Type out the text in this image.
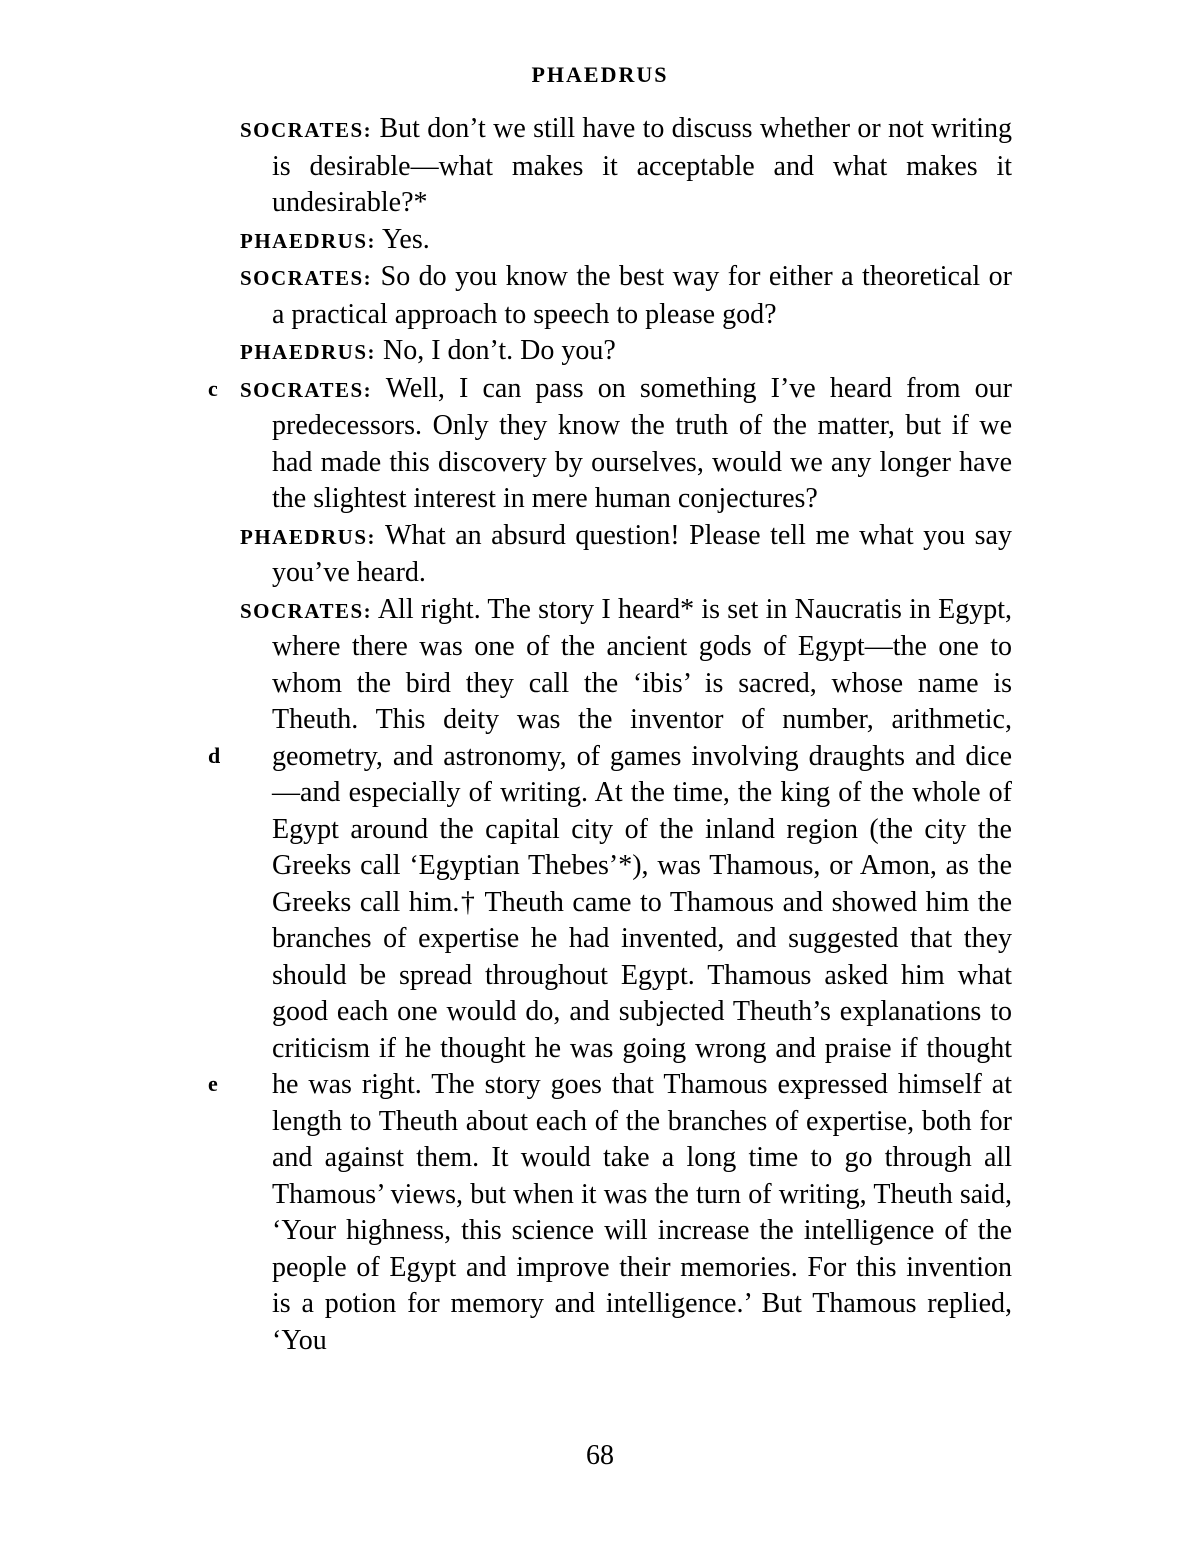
PHAEDRUS

SOCRATES: But don’t we still have to discuss whether or not writing is desirable—what makes it acceptable and what makes it undesirable?*

PHAEDRUS: Yes.

SOCRATES: So do you know the best way for either a theoretical or a practical approach to speech to please god?

PHAEDRUS: No, I don’t. Do you?

c SOCRATES: Well, I can pass on something I’ve heard from our predecessors. Only they know the truth of the matter, but if we had made this discovery by ourselves, would we any longer have the slightest interest in mere human conjectures?

PHAEDRUS: What an absurd question! Please tell me what you say you’ve heard.

SOCRATES: All right. The story I heard* is set in Naucratis in Egypt, where there was one of the ancient gods of Egypt—the one to whom the bird they call the ‘ibis’ is sacred, whose name is Theuth. This deity was the inventor of number,
d
arithmetic, geometry, and astronomy, of games involving draughts and dice—and especially of writing. At the time, the king of the whole of Egypt around the capital city of the inland region (the city the Greeks call ‘Egyptian Thebes’*), was Thamous, or Amon, as the Greeks call him.† Theuth came to Thamous and showed him the branches of expertise he had invented, and suggested that they should be spread throughout Egypt. Thamous asked him what good each one would do, and subjected Theuth’s explanations to
e
criticism if he thought he was going wrong and praise if thought he was right. The story goes that Thamous expressed himself at length to Theuth about each of the branches of expertise, both for and against them. It would take a long time to go through all Thamous’ views, but when it was the turn of writing, Theuth said, ‘Your highness, this science will increase the intelligence of the people of Egypt and improve their memories. For this invention is a potion for memory and intelligence.’ But Thamous replied, ‘You

68
